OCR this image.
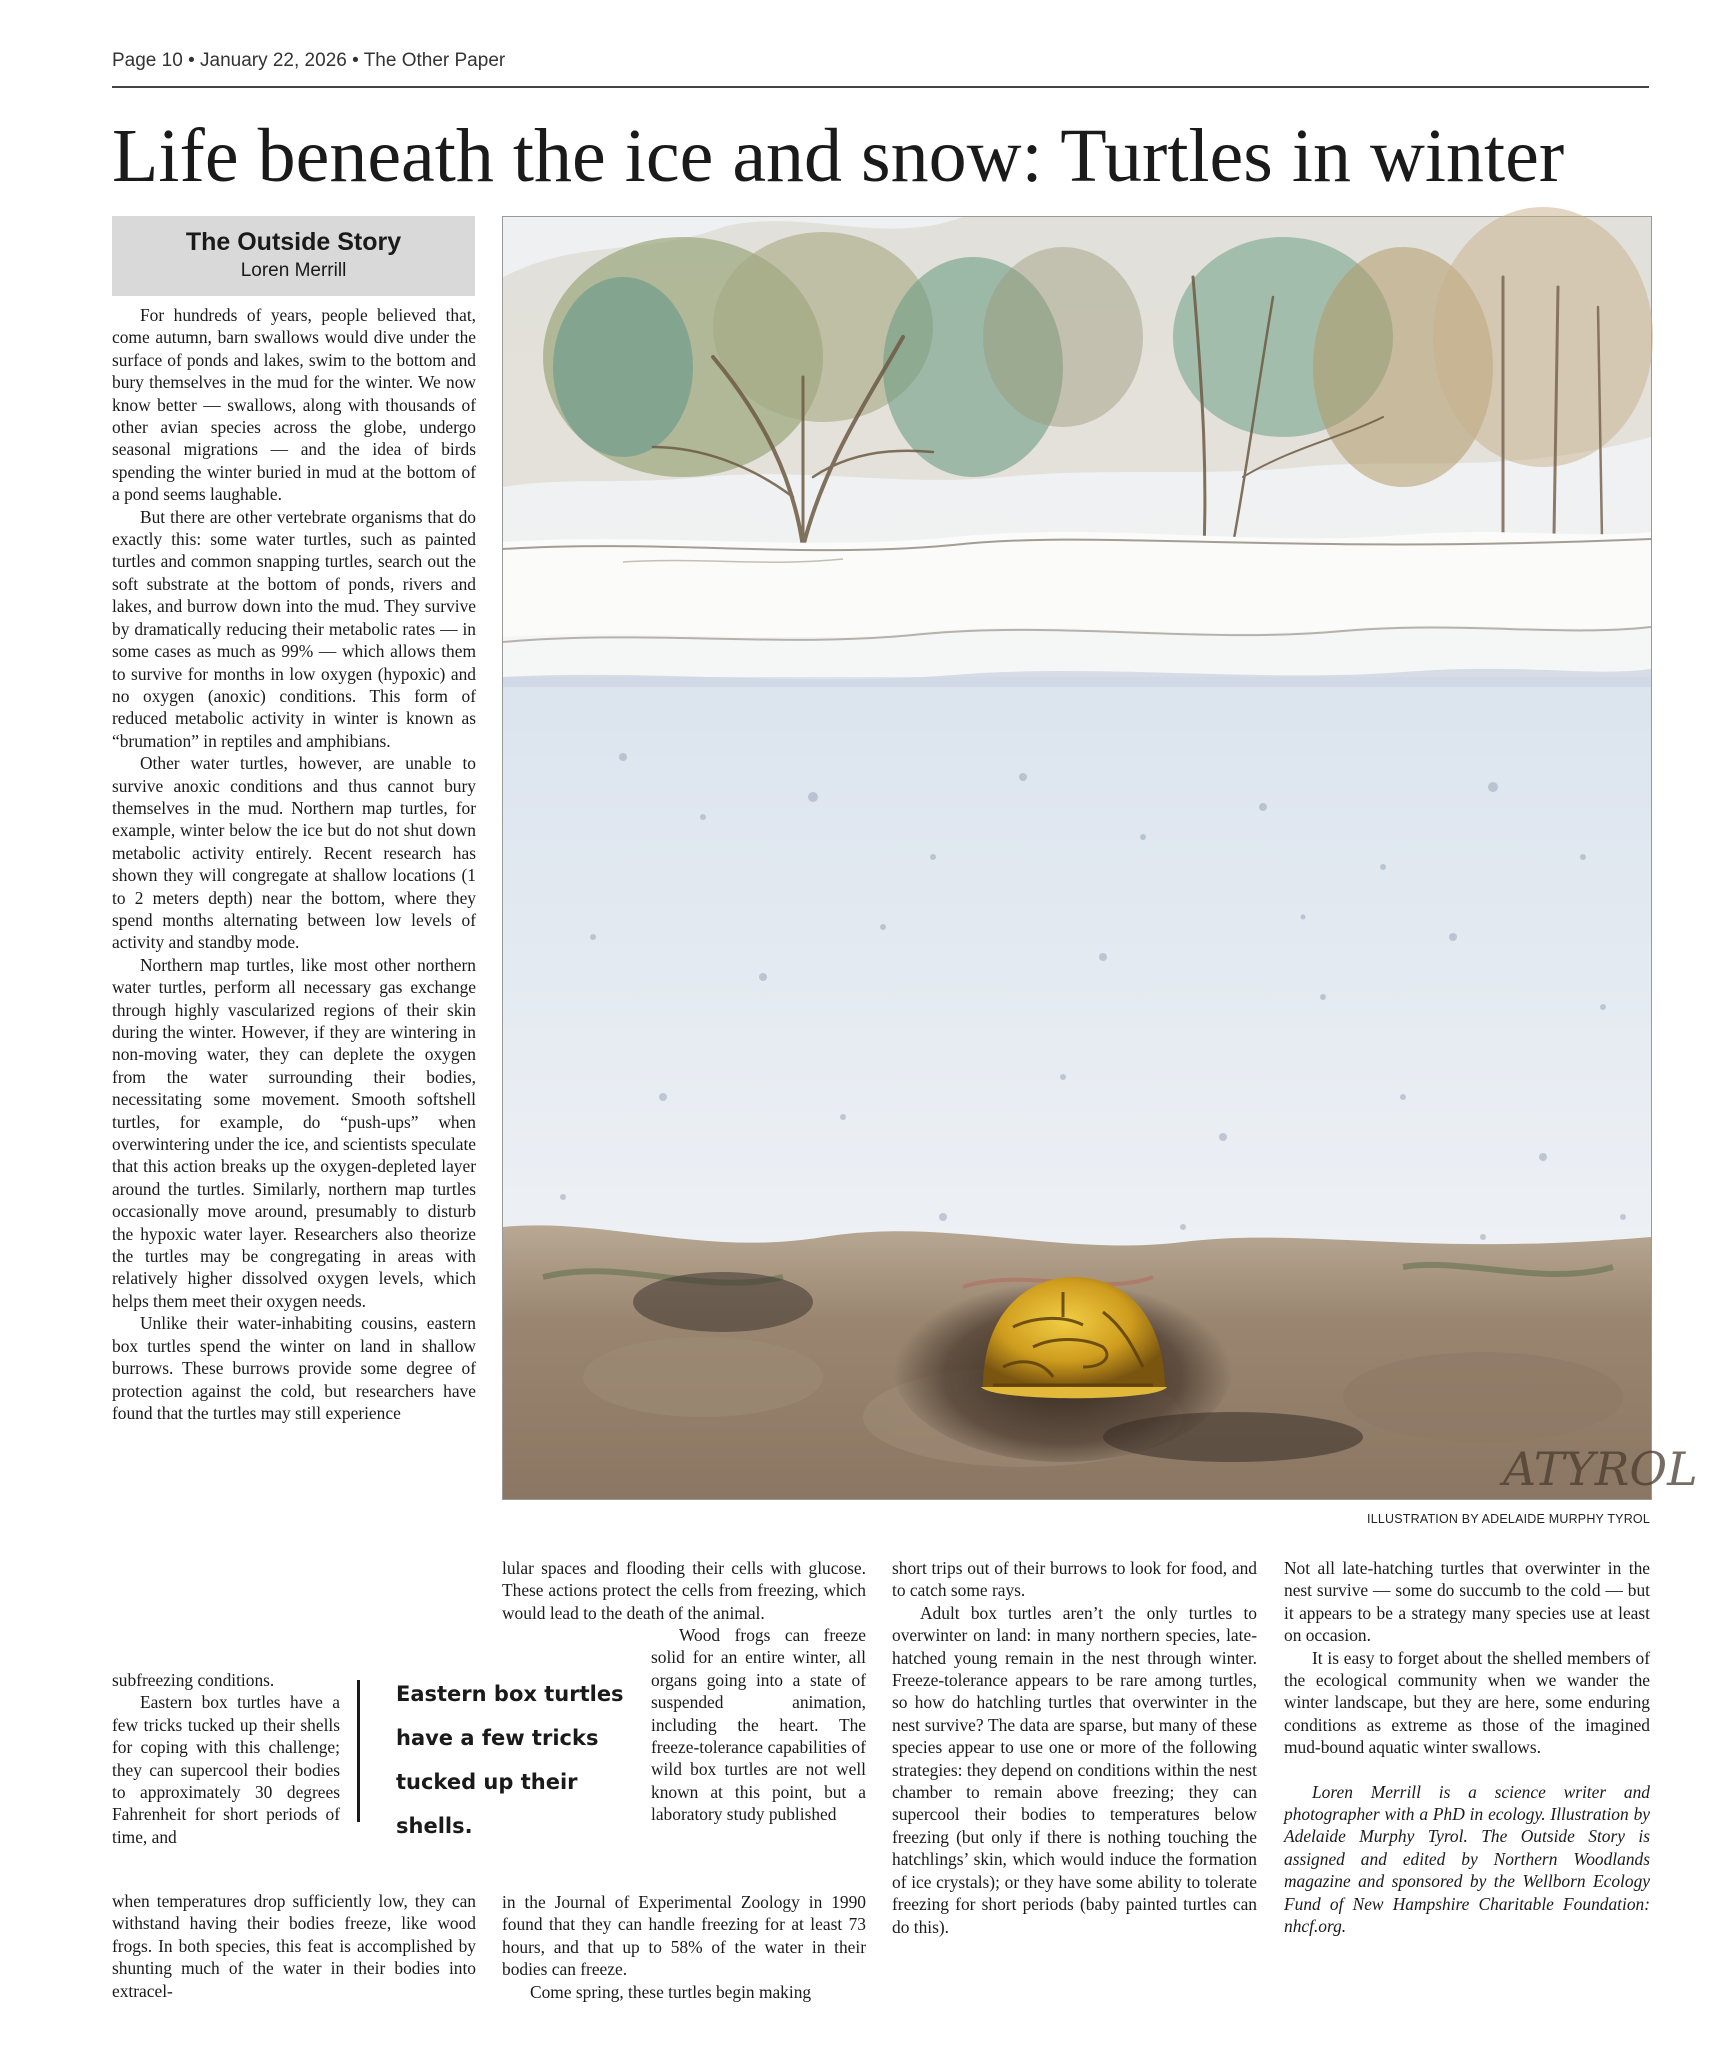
Page 10 • January 22, 2026 • The Other Paper
Life beneath the ice and snow: Turtles in winter
The Outside Story
Loren Merrill

For hundreds of years, people believed that, come autumn, barn swallows would dive under the surface of ponds and lakes, swim to the bottom and bury themselves in the mud for the winter. We now know better — swallows, along with thousands of other avian species across the globe, undergo seasonal migrations — and the idea of birds spending the winter buried in mud at the bottom of a pond seems laughable.

But there are other vertebrate organisms that do exactly this: some water turtles, such as painted turtles and common snapping turtles, search out the soft substrate at the bottom of ponds, rivers and lakes, and burrow down into the mud. They survive by dramatically reducing their metabolic rates — in some cases as much as 99% — which allows them to survive for months in low oxygen (hypoxic) and no oxygen (anoxic) conditions. This form of reduced metabolic activity in winter is known as “brumation” in reptiles and amphibians.

Other water turtles, however, are unable to survive anoxic conditions and thus cannot bury themselves in the mud. Northern map turtles, for example, winter below the ice but do not shut down metabolic activity entirely. Recent research has shown they will congregate at shallow locations (1 to 2 meters depth) near the bottom, where they spend months alternating between low levels of activity and standby mode.

Northern map turtles, like most other northern water turtles, perform all necessary gas exchange through highly vascularized regions of their skin during the winter. However, if they are wintering in non-moving water, they can deplete the oxygen from the water surrounding their bodies, necessitating some movement. Smooth softshell turtles, for example, do “push-ups” when overwintering under the ice, and scientists speculate that this action breaks up the oxygen-depleted layer around the turtles. Similarly, northern map turtles occasionally move around, presumably to disturb the hypoxic water layer. Researchers also theorize the turtles may be congregating in areas with relatively higher dissolved oxygen levels, which helps them meet their oxygen needs.

Unlike their water-inhabiting cousins, eastern box turtles spend the winter on land in shallow burrows. These burrows provide some degree of protection against the cold, but researchers have found that the turtles may still experience

subfreezing conditions.

Eastern box turtles have a few tricks tucked up their shells for coping with this challenge; they can supercool their bodies to approximately 30 degrees Fahrenheit for short periods of time, and

when temperatures drop sufficiently low, they can withstand having their bodies freeze, like wood frogs. In both species, this feat is accomplished by shunting much of the water in their bodies into extracel-

Eastern box turtles
have a few tricks
tucked up their
shells.

lular spaces and flooding their cells with glucose. These actions protect the cells from freezing, which would lead to the death of the animal.

Wood frogs can freeze solid for an entire winter, all organs going into a state of suspended animation, including the heart. The freeze-tolerance capabilities of wild box turtles are not well known at this point, but a laboratory study published

in the Journal of Experimental Zoology in 1990 found that they can handle freezing for at least 73 hours, and that up to 58% of the water in their bodies can freeze.

Come spring, these turtles begin making

short trips out of their burrows to look for food, and to catch some rays.

Adult box turtles aren’t the only turtles to overwinter on land: in many northern species, late-hatched young remain in the nest through winter. Freeze-tolerance appears to be rare among turtles, so how do hatchling turtles that overwinter in the nest survive? The data are sparse, but many of these species appear to use one or more of the following strategies: they depend on conditions within the nest chamber to remain above freezing; they can supercool their bodies to temperatures below freezing (but only if there is nothing touching the hatchlings’ skin, which would induce the formation of ice crystals); or they have some ability to tolerate freezing for short periods (baby painted turtles can do this).

Not all late-hatching turtles that overwinter in the nest survive — some do succumb to the cold — but it appears to be a strategy many species use at least on occasion.

It is easy to forget about the shelled members of the ecological community when we wander the winter landscape, but they are here, some enduring conditions as extreme as those of the imagined mud-bound aquatic winter swallows.

Loren Merrill is a science writer and photographer with a PhD in ecology. Illustration by Adelaide Murphy Tyrol. The Outside Story is assigned and edited by Northern Woodlands magazine and sponsored by the Wellborn Ecology Fund of New Hampshire Charitable Foundation: nhcf.org.

ATYROL
ILLUSTRATION BY ADELAIDE MURPHY TYROL
